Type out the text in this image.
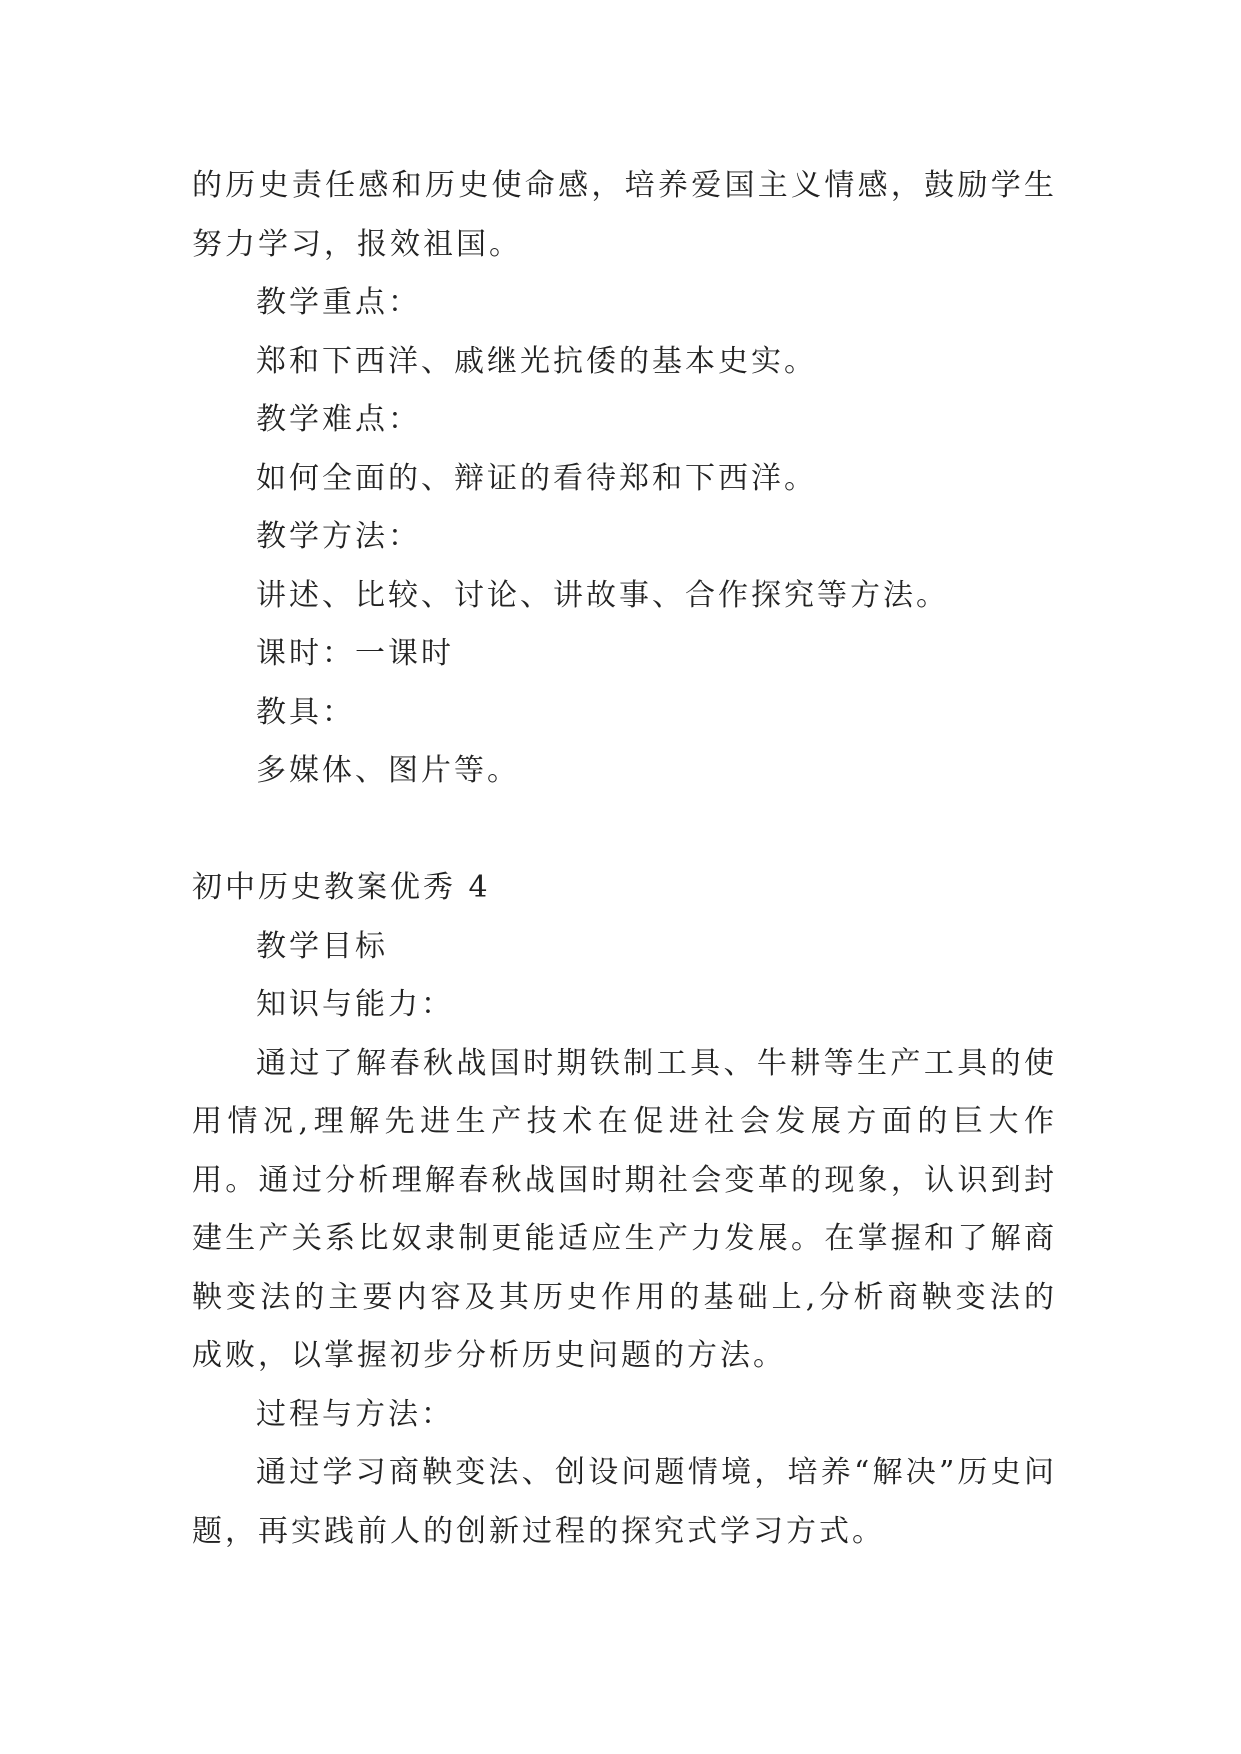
的历史责任感和历史使命感，培养爱国主义情感，鼓励学生努力学习，报效祖国。

教学重点：

郑和下西洋、戚继光抗倭的基本史实。

教学难点：

如何全面的、辩证的看待郑和下西洋。

教学方法：

讲述、比较、讨论、讲故事、合作探究等方法。

课时：一课时

教具：

多媒体、图片等。

初中历史教案优秀 4

教学目标

知识与能力：

通过了解春秋战国时期铁制工具、牛耕等生产工具的使用情况,理解先进生产技术在促进社会发展方面的巨大作用。通过分析理解春秋战国时期社会变革的现象，认识到封建生产关系比奴隶制更能适应生产力发展。在掌握和了解商鞅变法的主要内容及其历史作用的基础上,分析商鞅变法的成败，以掌握初步分析历史问题的方法。

过程与方法：

通过学习商鞅变法、创设问题情境，培养“解决”历史问题，再实践前人的创新过程的探究式学习方式。
